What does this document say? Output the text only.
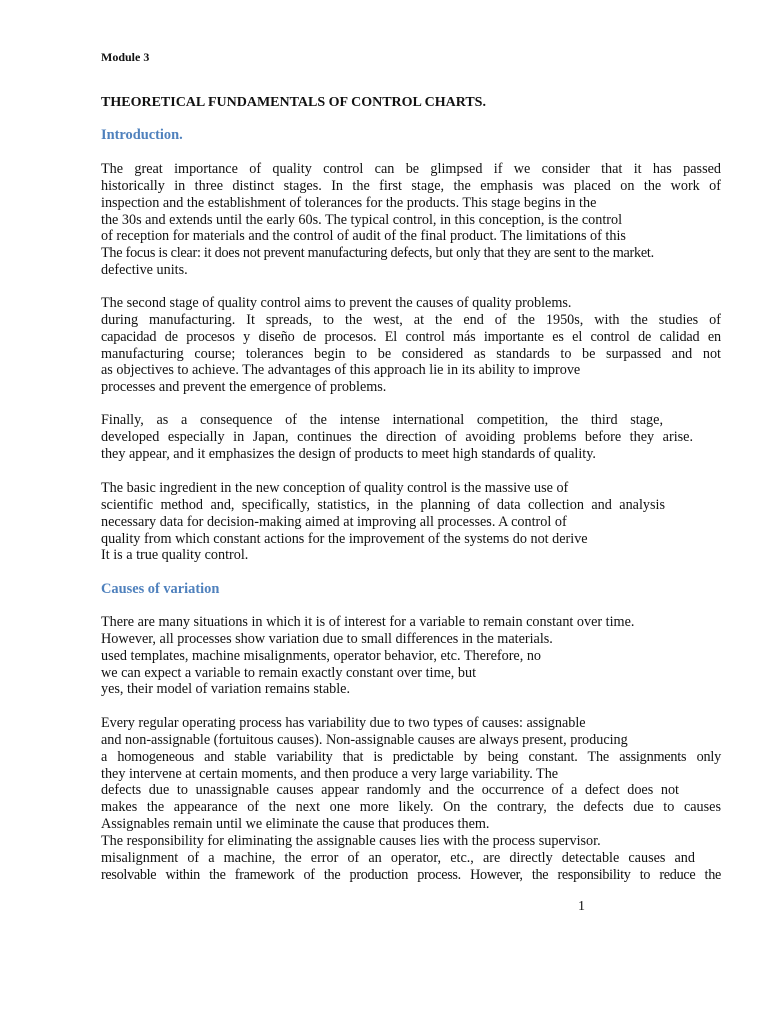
Module 3
THEORETICAL FUNDAMENTALS OF CONTROL CHARTS.
Introduction.
The great importance of quality control can be glimpsed if we consider that it has passed
historically in three distinct stages. In the first stage, the emphasis was placed on the work of
inspection and the establishment of tolerances for the products. This stage begins in the
the 30s and extends until the early 60s. The typical control, in this conception, is the control
of reception for materials and the control of audit of the final product. The limitations of this
The focus is clear: it does not prevent manufacturing defects, but only that they are sent to the market.
defective units.
The second stage of quality control aims to prevent the causes of quality problems.
during manufacturing. It spreads, to the west, at the end of the 1950s, with the studies of
capacidad de procesos y diseño de procesos. El control más importante es el control de calidad en
manufacturing course; tolerances begin to be considered as standards to be surpassed and not
as objectives to achieve. The advantages of this approach lie in its ability to improve
processes and prevent the emergence of problems.
Finally, as a consequence of the intense international competition, the third stage,
developed especially in Japan, continues the direction of avoiding problems before they arise.
they appear, and it emphasizes the design of products to meet high standards of quality.
The basic ingredient in the new conception of quality control is the massive use of
scientific method and, specifically, statistics, in the planning of data collection and analysis
necessary data for decision-making aimed at improving all processes. A control of
quality from which constant actions for the improvement of the systems do not derive
It is a true quality control.
Causes of variation
There are many situations in which it is of interest for a variable to remain constant over time.
However, all processes show variation due to small differences in the materials.
used templates, machine misalignments, operator behavior, etc. Therefore, no
we can expect a variable to remain exactly constant over time, but
yes, their model of variation remains stable.
Every regular operating process has variability due to two types of causes: assignable
and non-assignable (fortuitous causes). Non-assignable causes are always present, producing
a homogeneous and stable variability that is predictable by being constant. The assignments only
they intervene at certain moments, and then produce a very large variability. The
defects due to unassignable causes appear randomly and the occurrence of a defect does not
makes the appearance of the next one more likely. On the contrary, the defects due to causes
Assignables remain until we eliminate the cause that produces them.
The responsibility for eliminating the assignable causes lies with the process supervisor.
misalignment of a machine, the error of an operator, etc., are directly detectable causes and
resolvable within the framework of the production process. However, the responsibility to reduce the
1
